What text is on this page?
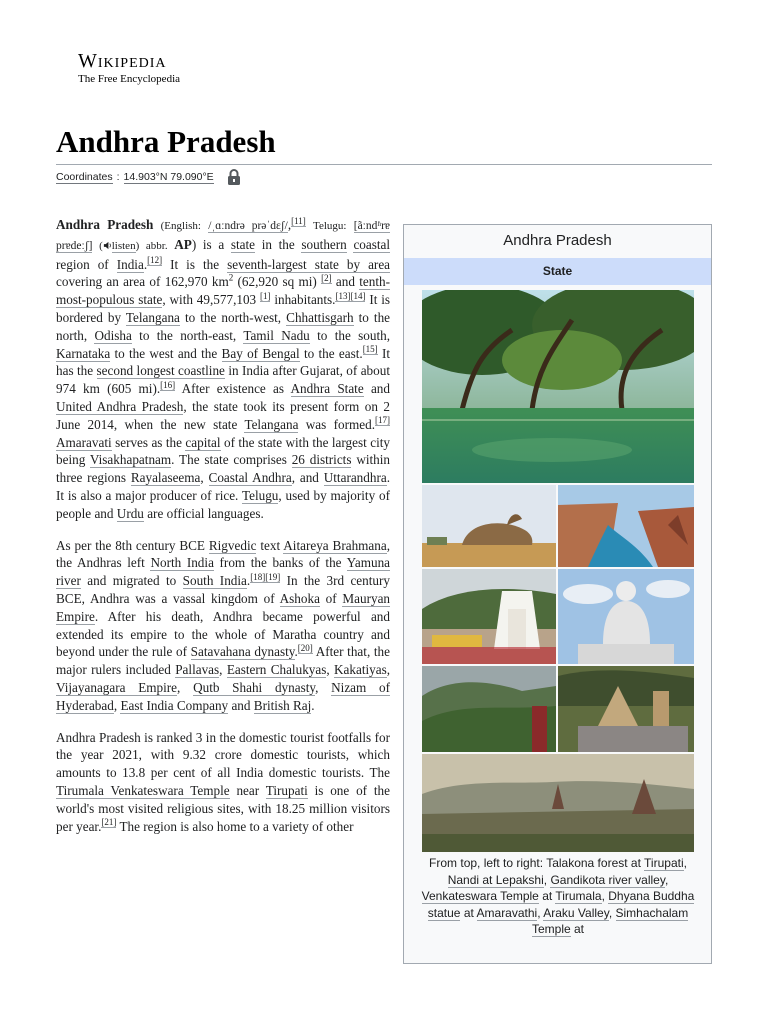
Wikipedia
The Free Encyclopedia
Andhra Pradesh
Coordinates : 14.903°N 79.090°E

Andhra Pradesh (English: /ˌɑːndrə prəˈdɛʃ/,[11] Telugu: [ãːndʱrɐ prɐdeːʃ] ( listen) abbr. AP) is a state in the southern coastal region of India.[12] It is the seventh-largest state by area covering an area of 162,970 $km^2$ (62,920 sq mi) [2] and tenth-most-populous state, with 49,577,103 [1] inhabitants.[13][14] It is bordered by Telangana to the north-west, Chhattisgarh to the north, Odisha to the north-east, Tamil Nadu to the south, Karnataka to the west and the Bay of Bengal to the east.[15] It has the second longest coastline in India after Gujarat, of about 974 km (605 mi).[16] After existence as Andhra State and United Andhra Pradesh, the state took its present form on 2 June 2014, when the new state Telangana was formed.[17] Amaravati serves as the capital of the state with the largest city being Visakhapatnam. The state comprises 26 districts within three regions Rayalaseema, Coastal Andhra, and Uttarandhra. It is also a major producer of rice. Telugu, used by majority of people and Urdu are official languages.

As per the 8th century BCE Rigvedic text Aitareya Brahmana, the Andhras left North India from the banks of the Yamuna river and migrated to South India.[18][19] In the 3rd century BCE, Andhra was a vassal kingdom of Ashoka of Mauryan Empire. After his death, Andhra became powerful and extended its empire to the whole of Maratha country and beyond under the rule of Satavahana dynasty.[20] After that, the major rulers included Pallavas, Eastern Chalukyas, Kakatiyas, Vijayanagara Empire, Qutb Shahi dynasty, Nizam of Hyderabad, East India Company and British Raj.

Andhra Pradesh is ranked 3 in the domestic tourist footfalls for the year 2021, with 9.32 crore domestic tourists, which amounts to 13.8 per cent of all India domestic tourists. The Tirumala Venkateswara Temple near Tirupati is one of the world's most visited religious sites, with 18.25 million visitors per year.[21] The region is also home to a variety of other

Andhra Pradesh
State
From top, left to right: Talakona forest at Tirupati, Nandi at Lepakshi, Gandikota river valley, Venkateswara Temple at Tirumala, Dhyana Buddha statue at Amaravathi, Araku Valley, Simhachalam Temple at
